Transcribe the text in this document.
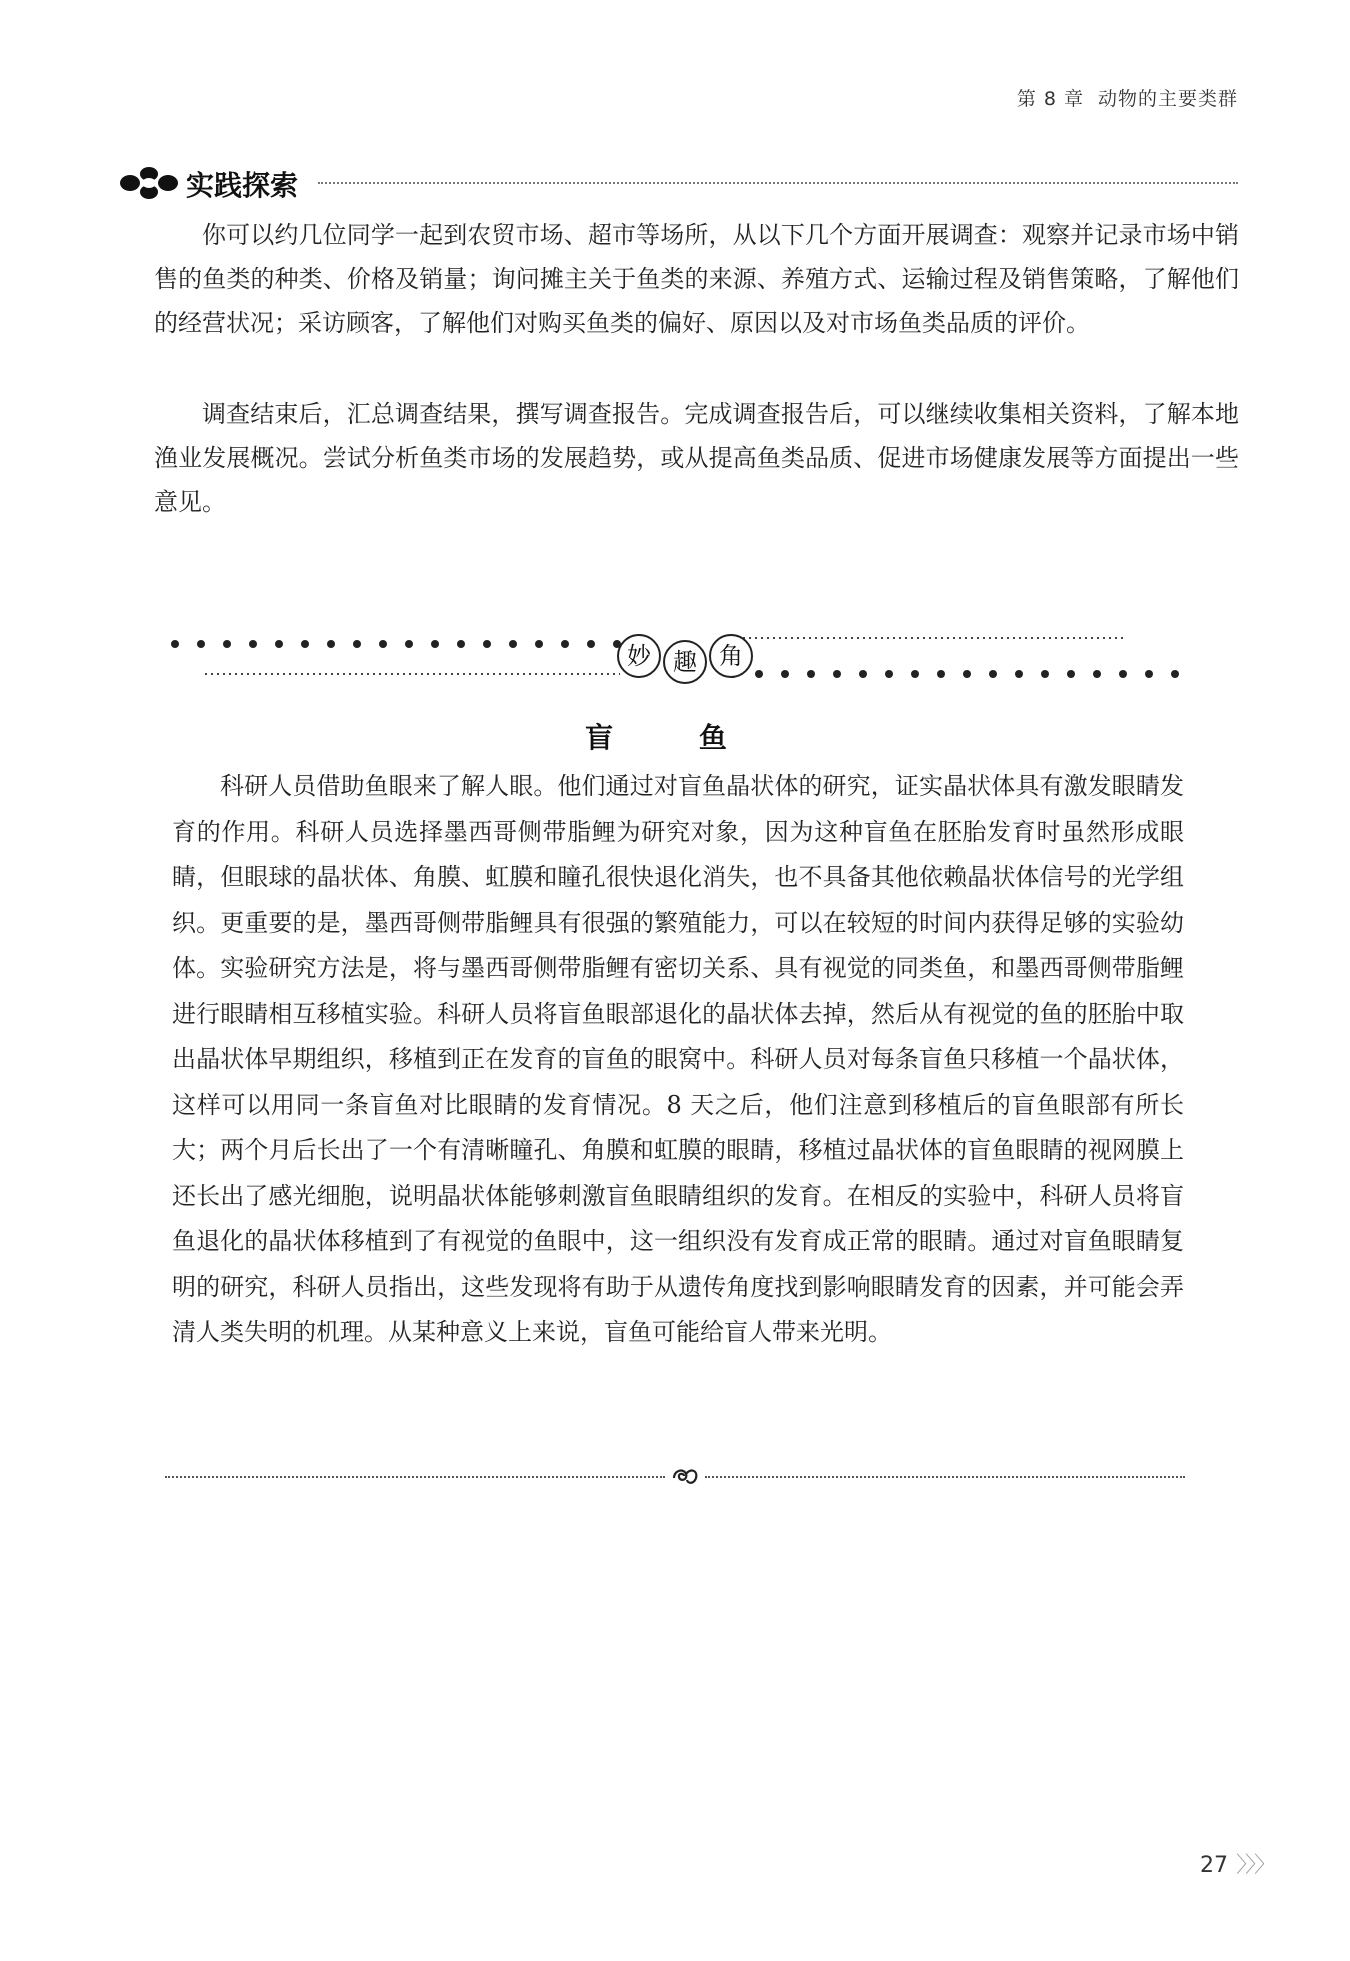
第 8 章 动物的主要类群
实践探索

你可以约几位同学一起到农贸市场、超市等场所，从以下几个方面开展调查：观察并记录市场中销售的鱼类的种类、价格及销量；询问摊主关于鱼类的来源、养殖方式、运输过程及销售策略，了解他们的经营状况；采访顾客，了解他们对购买鱼类的偏好、原因以及对市场鱼类品质的评价。

调查结束后，汇总调查结果，撰写调查报告。完成调查报告后，可以继续收集相关资料，了解本地渔业发展概况。尝试分析鱼类市场的发展趋势，或从提高鱼类品质、促进市场健康发展等方面提出一些意见。

妙 趣 角
盲 鱼

科研人员借助鱼眼来了解人眼。他们通过对盲鱼晶状体的研究，证实晶状体具有激发眼睛发育的作用。科研人员选择墨西哥侧带脂鲤为研究对象，因为这种盲鱼在胚胎发育时虽然形成眼睛，但眼球的晶状体、角膜、虹膜和瞳孔很快退化消失，也不具备其他依赖晶状体信号的光学组织。更重要的是，墨西哥侧带脂鲤具有很强的繁殖能力，可以在较短的时间内获得足够的实验幼体。实验研究方法是，将与墨西哥侧带脂鲤有密切关系、具有视觉的同类鱼，和墨西哥侧带脂鲤进行眼睛相互移植实验。科研人员将盲鱼眼部退化的晶状体去掉，然后从有视觉的鱼的胚胎中取出晶状体早期组织，移植到正在发育的盲鱼的眼窝中。科研人员对每条盲鱼只移植一个晶状体，这样可以用同一条盲鱼对比眼睛的发育情况。8 天之后，他们注意到移植后的盲鱼眼部有所长大；两个月后长出了一个有清晰瞳孔、角膜和虹膜的眼睛，移植过晶状体的盲鱼眼睛的视网膜上还长出了感光细胞，说明晶状体能够刺激盲鱼眼睛组织的发育。在相反的实验中，科研人员将盲鱼退化的晶状体移植到了有视觉的鱼眼中，这一组织没有发育成正常的眼睛。通过对盲鱼眼睛复明的研究，科研人员指出，这些发现将有助于从遗传角度找到影响眼睛发育的因素，并可能会弄清人类失明的机理。从某种意义上来说，盲鱼可能给盲人带来光明。

27 〉〉〉
